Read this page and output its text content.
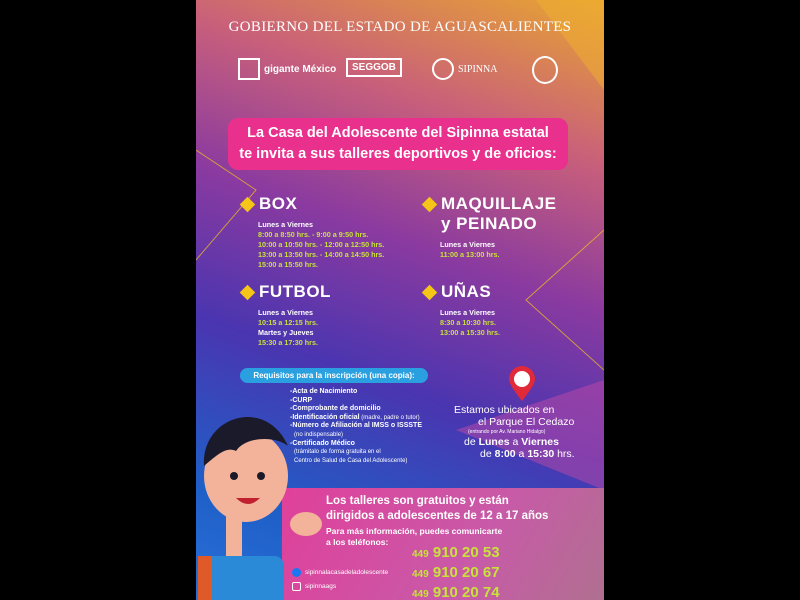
GOBIERNO DEL ESTADO DE AGUASCALIENTES
gigante México SEGGOB	SIPINNA
La Casa del Adolescente del Sipinna estatal
te invita a sus talleres deportivos y de oficios:
BOX
Lunes a Viernes
8:00 a 8:50 hrs. - 9:00 a 9:50 hrs.
10:00 a 10:50 hrs. - 12:00 a 12:50 hrs.
13:00 a 13:50 hrs. - 14:00 a 14:50 hrs.
15:00 a 15:50 hrs.
MAQUILLAJE
y PEINADO
Lunes a Viernes
11:00 a 13:00 hrs.
FUTBOL
Lunes a Viernes
10:15 a 12:15 hrs.
Martes y Jueves
15:30 a 17:30 hrs.
UÑAS
Lunes a Viernes
8:30 a 10:30 hrs.
13:00 a 15:30 hrs.
Requisitos para la inscripción (una copia):
-Acta de Nacimiento
-CURP
-Comprobante de domicilio
-Identificación oficial (madre, padre o tutor)
-Número de Afiliación al IMSS o ISSSTE
(no indispensable)
-Certificado Médico
(trámitalo de forma gratuita en el
Centro de Salud de Casa del Adolescente)
Estamos ubicados en
el Parque El Cedazo
(entrando por Av. Mariano Hidalgo)
de Lunes a Viernes
de 8:00 a 15:30 hrs.
Los talleres son gratuitos y están
dirigidos a adolescentes de 12 a 17 años
Para más información, puedes comunicarte
a los teléfonos:
449 910 20 53
449 910 20 67
449 910 20 74
sipinnalacasadeladolescente
sipinnaags
